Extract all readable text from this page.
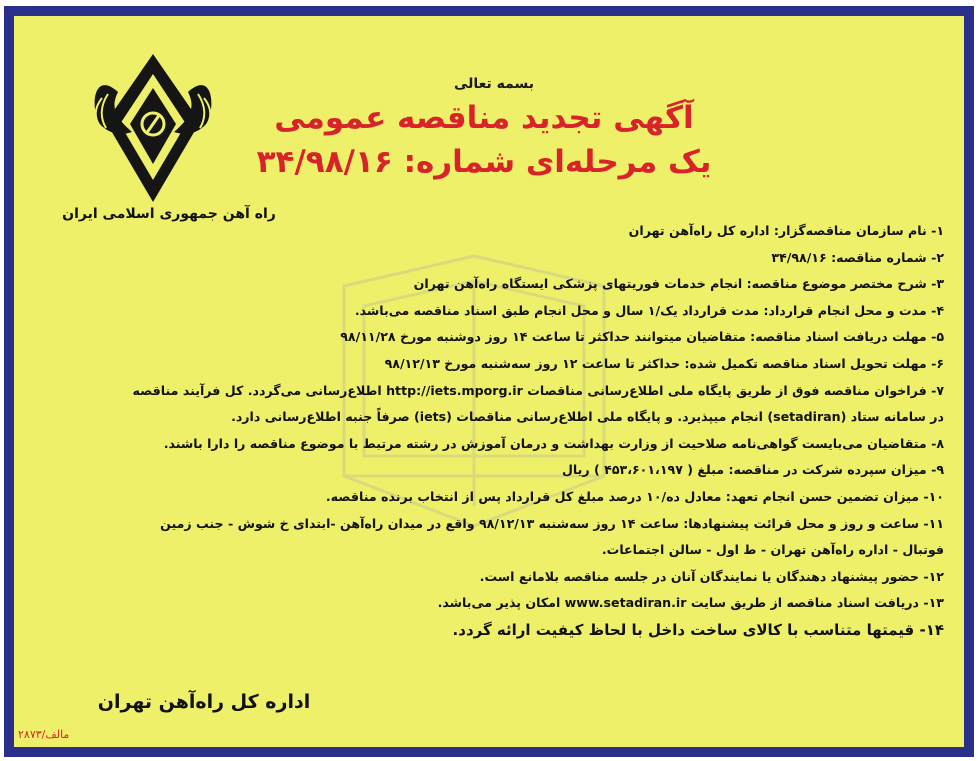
راه آهن جمهوری اسلامی ایران
بسمه تعالی
آگهی تجدید مناقصه عمومی
یک مرحله‌ای شماره: ۳۴/۹۸/۱۶
۱- نام سازمان مناقصه‌گزار: اداره کل راه‌آهن تهران
۲- شماره مناقصه: ۳۴/۹۸/۱۶
۳- شرح مختصر موضوع مناقصه: انجام خدمات فوریتهای پزشکی ایستگاه راه‌آهن تهران
۴- مدت و محل انجام قرارداد: مدت قرارداد یک/۱ سال و محل انجام طبق اسناد مناقصه می‌باشد.
۵- مهلت دریافت اسناد مناقصه: متقاضیان میتوانند حداکثر تا ساعت ۱۴ روز دوشنبه مورخ ۹۸/۱۱/۲۸
۶- مهلت تحویل اسناد مناقصه تکمیل شده: حداکثر تا ساعت ۱۲ روز سه‌شنبه مورخ ۹۸/۱۲/۱۳
۷- فراخوان مناقصه فوق از طریق پایگاه ملی اطلاع‌رسانی مناقصات http://iets.mporg.ir اطلاع‌رسانی می‌گردد. کل فرآیند مناقصه
در سامانه ستاد (setadiran) انجام میپذیرد. و پایگاه ملی اطلاع‌رسانی مناقصات (iets) صرفاً جنبه اطلاع‌رسانی دارد.
۸- متقاضیان می‌بایست گواهی‌نامه صلاحیت از وزارت بهداشت و درمان آموزش در رشته مرتبط با موضوع مناقصه را دارا باشند.
۹- میزان سپرده شرکت در مناقصه: مبلغ ( ۴۵۳،۶۰۱،۱۹۷ ) ریال
۱۰- میزان تضمین حسن انجام تعهد: معادل ده/۱۰ درصد مبلغ کل قرارداد پس از انتخاب برنده مناقصه.
۱۱- ساعت و روز و محل قرائت پیشنهادها: ساعت ۱۴ روز سه‌شنبه ۹۸/۱۲/۱۳ واقع در میدان راه‌آهن -ابتدای خ شوش - جنب زمین
فوتبال - اداره راه‌آهن تهران - ط اول - سالن اجتماعات.
۱۲- حضور پیشنهاد دهندگان یا نمایندگان آنان در جلسه مناقصه بلامانع است.
۱۳- دریافت اسناد مناقصه از طریق سایت www.setadiran.ir امکان پذیر می‌باشد.
۱۴- قیمتها متناسب با کالای ساخت داخل با لحاظ کیفیت ارائه گردد.
اداره کل راه‌آهن تهران
مالف/۲۸۷۳
